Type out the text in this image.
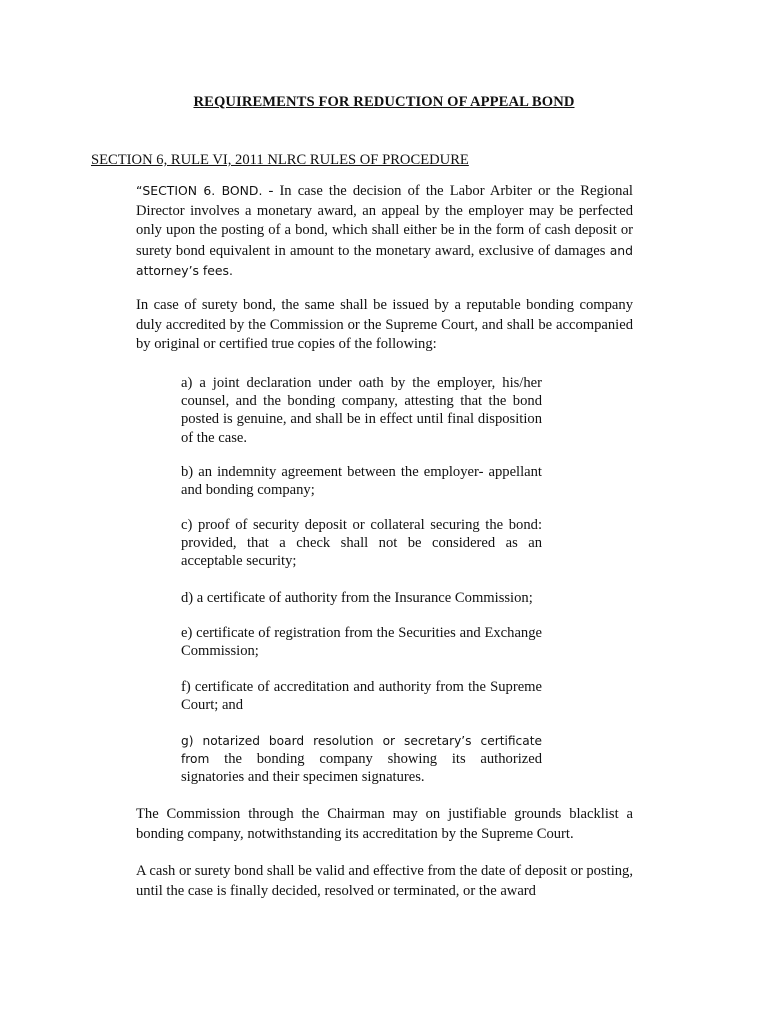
REQUIREMENTS FOR REDUCTION OF APPEAL BOND
SECTION 6, RULE VI, 2011 NLRC RULES OF PROCEDURE

“SECTION 6. BOND. - In case the decision of the Labor Arbiter or the Regional Director involves a monetary award, an appeal by the employer may be perfected only upon the posting of a bond, which shall either be in the form of cash deposit or surety bond equivalent in amount to the monetary award, exclusive of damages and attorney’s fees.

In case of surety bond, the same shall be issued by a reputable bonding company duly accredited by the Commission or the Supreme Court, and shall be accompanied by original or certified true copies of the following:

a) a joint declaration under oath by the employer, his/her counsel, and the bonding company, attesting that the bond posted is genuine, and shall be in effect until final disposition of the case.

b) an indemnity agreement between the employer- appellant and bonding company;

c) proof of security deposit or collateral securing the bond: provided, that a check shall not be considered as an acceptable security;

d) a certificate of authority from the Insurance Commission;

e) certificate of registration from the Securities and Exchange Commission;

f) certificate of accreditation and authority from the Supreme Court; and

g) notarized board resolution or secretary’s certificate from the bonding company showing its authorized signatories and their specimen signatures.

The Commission through the Chairman may on justifiable grounds blacklist a bonding company, notwithstanding its accreditation by the Supreme Court.

A cash or surety bond shall be valid and effective from the date of deposit or posting, until the case is finally decided, resolved or terminated, or the award
